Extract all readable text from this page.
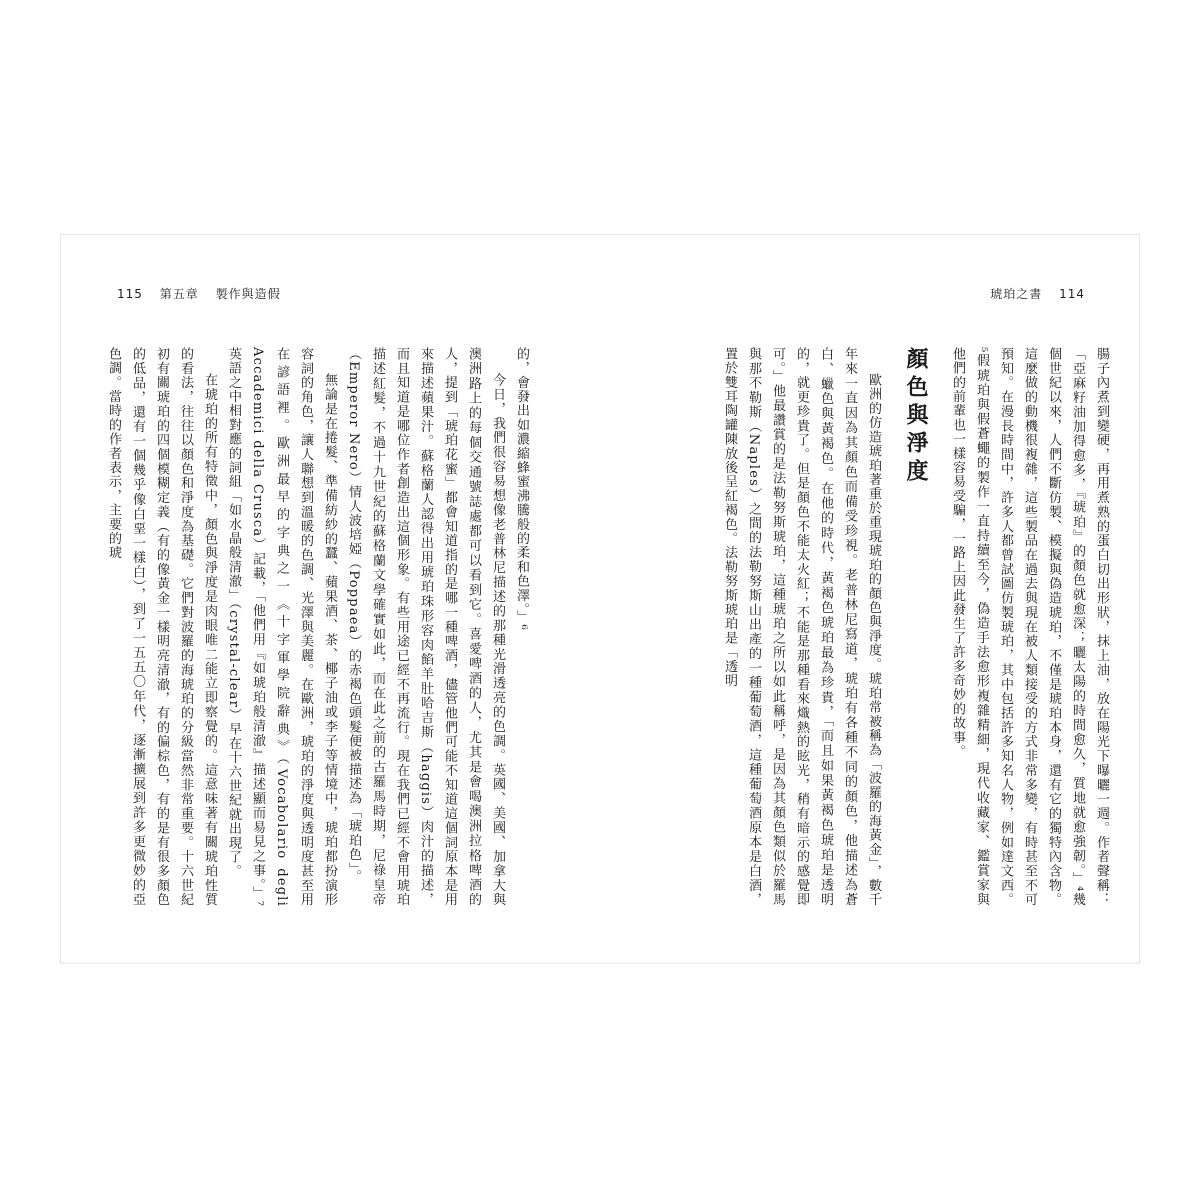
115 第五章 製作與造假

的，會發出如濃縮蜂蜜沸騰般的柔和色澤。」⁶

今日，我們很容易想像老普林尼描述的那種光滑透亮的色調。英國、美國、加拿大與澳洲路上的每個交通號誌處都可以看到它。喜愛啤酒的人，尤其是會喝澳洲拉格啤酒的人，提到「琥珀花蜜」都會知道指的是哪一種啤酒，儘管他們可能不知道這個詞原本是用來描述蘋果汁。蘇格蘭人認得出用琥珀珠形容肉餡羊肚哈吉斯（haggis）肉汁的描述，而且知道是哪位作者創造出這個形象。有些用途已經不再流行。現在我們已經不會用琥珀描述紅髮，不過十九世紀的蘇格蘭文學確實如此，而在此之前的古羅馬時期，尼祿皇帝（Emperor Nero）情人波培婭（Poppaea）的赤褐色頭髮便被描述為「琥珀色」。

無論是在捲髮、準備紡紗的蠶、蘋果酒、茶、椰子油或李子等情境中，琥珀都扮演形容詞的角色，讓人聯想到溫暖的色調、光澤與美麗。在歐洲，琥珀的淨度與透明度甚至用在諺語裡。歐洲最早的字典之一《十字軍學院辭典》（Vocabolario degli Accademici della Crusca）記載，「他們用『如琥珀般清澈』描述顯而易見之事。」⁷英語之中相對應的詞組「如水晶般清澈」（crystal-clear）早在十六世紀就出現了。

在琥珀的所有特徵中，顏色與淨度是肉眼唯二能立即察覺的。這意味著有關琥珀性質的看法，往往以顏色和淨度為基礎。它們對波羅的海琥珀的分級當然非常重要。十六世紀初有關琥珀的四個模糊定義（有的像黃金一樣明亮清澈，有的偏棕色，有的是有很多顏色的低品，還有一個幾乎像白堊一樣白），到了一五五〇年代，逐漸擴展到許多更微妙的亞色調。當時的作者表示，主要的琥

琥珀之書 114

腸子內煮到變硬，再用煮熟的蛋白切出形狀，抹上油，放在陽光下曝曬一週。作者聲稱：「亞麻籽油加得愈多，『琥珀』的顏色就愈深；曬太陽的時間愈久，質地就愈強韌。」⁴幾個世紀以來，人們不斷仿製、模擬與偽造琥珀，不僅是琥珀本身，還有它的獨特內含物。這麼做的動機很複雜，這些製品在過去與現在被人類接受的方式非常多變，有時甚至不可預知。在漫長時間中，許多人都曾試圖仿製琥珀，其中包括許多知名人物，例如達文西。⁵假琥珀與假蒼蠅的製作一直持續至今，偽造手法愈形複雜精細，現代收藏家、鑑賞家與他們的前輩也一樣容易受騙，一路上因此發生了許多奇妙的故事。

顏色與淨度

歐洲的仿造琥珀著重於重現琥珀的顏色與淨度。琥珀常被稱為「波羅的海黃金」，數千年來一直因為其顏色而備受珍視。老普林尼寫道，琥珀有各種不同的顏色，他描述為蒼白、蠟色與黃褐色。在他的時代，黃褐色琥珀最為珍貴，「而且如果黃褐色琥珀是透明的，就更珍貴了。但是顏色不能太火紅；不能是那種看來熾熱的眩光，稍有暗示的感覺即可。」他最讚賞的是法勒努斯琥珀，這種琥珀之所以如此稱呼，是因為其顏色類似於羅馬與那不勒斯（Naples）之間的法勒努斯山出產的一種葡萄酒，這種葡萄酒原本是白酒，置於雙耳陶罐陳放後呈紅褐色。法勒努斯琥珀是「透明
